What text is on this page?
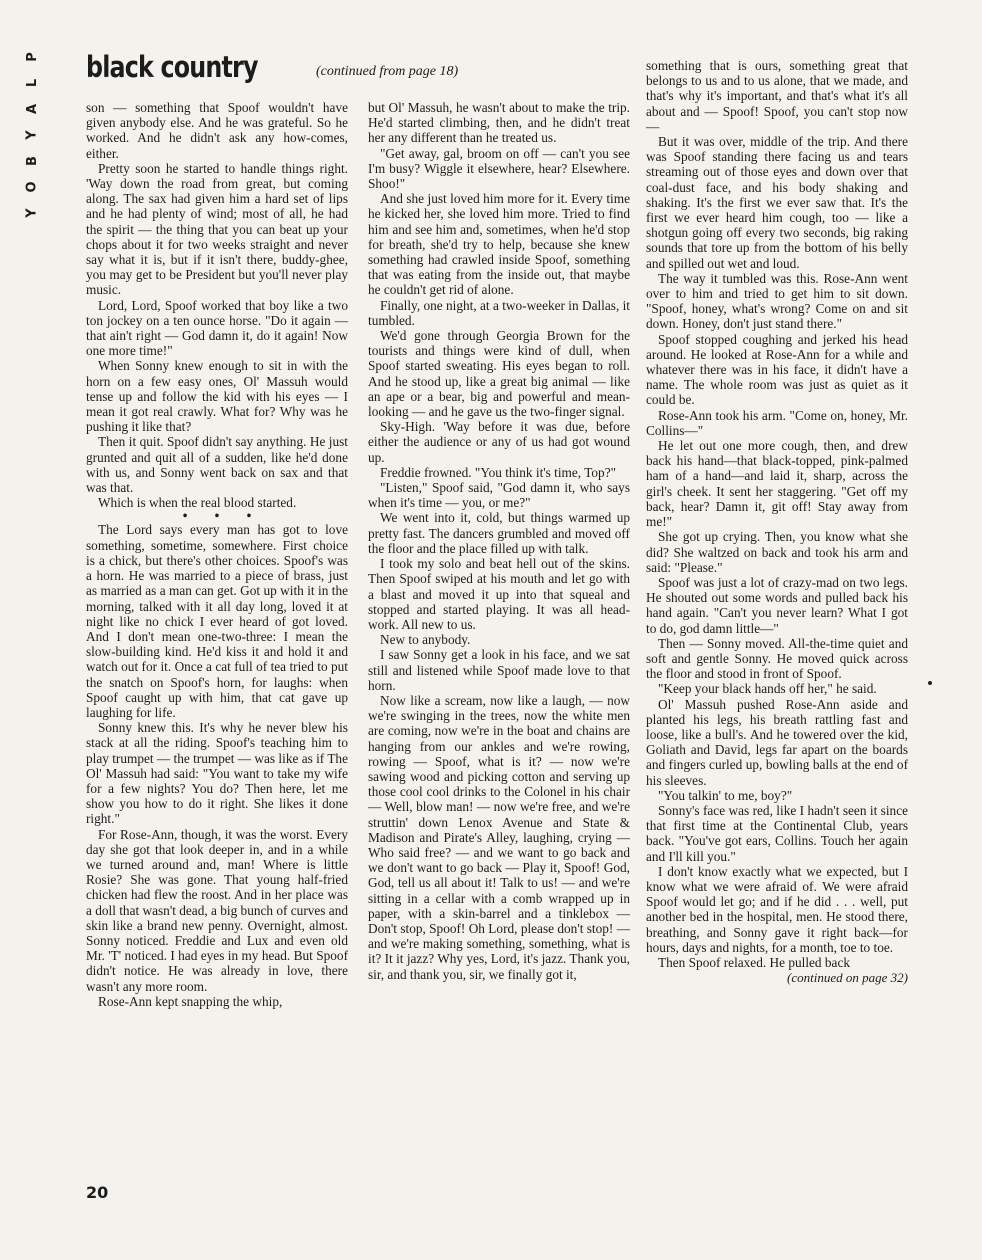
P
L
A
Y
B
O
Y
black country	(continued from page 18)

son — something that Spoof wouldn't have given anybody else. And he was grateful. So he worked. And he didn't ask any how-comes, either.

Pretty soon he started to handle things right. 'Way down the road from great, but coming along. The sax had given him a hard set of lips and he had plenty of wind; most of all, he had the spirit — the thing that you can beat up your chops about it for two weeks straight and never say what it is, but if it isn't there, buddy-ghee, you may get to be President but you'll never play music.

Lord, Lord, Spoof worked that boy like a two ton jockey on a ten ounce horse. "Do it again — that ain't right — God damn it, do it again! Now one more time!"

When Sonny knew enough to sit in with the horn on a few easy ones, Ol' Massuh would tense up and follow the kid with his eyes — I mean it got real crawly. What for? Why was he pushing it like that?

Then it quit. Spoof didn't say anything. He just grunted and quit all of a sudden, like he'd done with us, and Sonny went back on sax and that was that.

Which is when the real blood started.

• • •

The Lord says every man has got to love something, sometime, somewhere. First choice is a chick, but there's other choices. Spoof's was a horn. He was married to a piece of brass, just as married as a man can get. Got up with it in the morning, talked with it all day long, loved it at night like no chick I ever heard of got loved. And I don't mean one-two-three: I mean the slow-building kind. He'd kiss it and hold it and watch out for it. Once a cat full of tea tried to put the snatch on Spoof's horn, for laughs: when Spoof caught up with him, that cat gave up laughing for life.

Sonny knew this. It's why he never blew his stack at all the riding. Spoof's teaching him to play trumpet — the trumpet — was like as if The Ol' Massuh had said: "You want to take my wife for a few nights? You do? Then here, let me show you how to do it right. She likes it done right."

For Rose-Ann, though, it was the worst. Every day she got that look deeper in, and in a while we turned around and, man! Where is little Rosie? She was gone. That young half-fried chicken had flew the roost. And in her place was a doll that wasn't dead, a big bunch of curves and skin like a brand new penny. Overnight, almost. Sonny noticed. Freddie and Lux and even old Mr. 'T' noticed. I had eyes in my head. But Spoof didn't notice. He was already in love, there wasn't any more room.

Rose-Ann kept snapping the whip,

but Ol' Massuh, he wasn't about to make the trip. He'd started climbing, then, and he didn't treat her any different than he treated us.

"Get away, gal, broom on off — can't you see I'm busy? Wiggle it elsewhere, hear? Elsewhere. Shoo!"

And she just loved him more for it. Every time he kicked her, she loved him more. Tried to find him and see him and, sometimes, when he'd stop for breath, she'd try to help, because she knew something had crawled inside Spoof, something that was eating from the inside out, that maybe he couldn't get rid of alone.

Finally, one night, at a two-weeker in Dallas, it tumbled.

We'd gone through Georgia Brown for the tourists and things were kind of dull, when Spoof started sweating. His eyes began to roll. And he stood up, like a great big animal — like an ape or a bear, big and powerful and mean-looking — and he gave us the two-finger signal.

Sky-High. 'Way before it was due, before either the audience or any of us had got wound up.

Freddie frowned. "You think it's time, Top?"

"Listen," Spoof said, "God damn it, who says when it's time — you, or me?"

We went into it, cold, but things warmed up pretty fast. The dancers grumbled and moved off the floor and the place filled up with talk.

I took my solo and beat hell out of the skins. Then Spoof swiped at his mouth and let go with a blast and moved it up into that squeal and stopped and started playing. It was all head-work. All new to us.

New to anybody.

I saw Sonny get a look in his face, and we sat still and listened while Spoof made love to that horn.

Now like a scream, now like a laugh, — now we're swinging in the trees, now the white men are coming, now we're in the boat and chains are hanging from our ankles and we're rowing, rowing — Spoof, what is it? — now we're sawing wood and picking cotton and serving up those cool cool drinks to the Colonel in his chair — Well, blow man! — now we're free, and we're struttin' down Lenox Avenue and State & Madison and Pirate's Alley, laughing, crying — Who said free? — and we want to go back and we don't want to go back — Play it, Spoof! God, God, tell us all about it! Talk to us! — and we're sitting in a cellar with a comb wrapped up in paper, with a skin-barrel and a tinklebox — Don't stop, Spoof! Oh Lord, please don't stop! — and we're making something, something, what is it? It it jazz? Why yes, Lord, it's jazz. Thank you, sir, and thank you, sir, we finally got it,

something that is ours, something great that belongs to us and to us alone, that we made, and that's why it's important, and that's what it's all about and — Spoof! Spoof, you can't stop now —

But it was over, middle of the trip. And there was Spoof standing there facing us and tears streaming out of those eyes and down over that coal-dust face, and his body shaking and shaking. It's the first we ever saw that. It's the first we ever heard him cough, too — like a shotgun going off every two seconds, big raking sounds that tore up from the bottom of his belly and spilled out wet and loud.

The way it tumbled was this. Rose-Ann went over to him and tried to get him to sit down. "Spoof, honey, what's wrong? Come on and sit down. Honey, don't just stand there."

Spoof stopped coughing and jerked his head around. He looked at Rose-Ann for a while and whatever there was in his face, it didn't have a name. The whole room was just as quiet as it could be.

Rose-Ann took his arm. "Come on, honey, Mr. Collins—"

He let out one more cough, then, and drew back his hand—that black-topped, pink-palmed ham of a hand—and laid it, sharp, across the girl's cheek. It sent her staggering. "Get off my back, hear? Damn it, git off! Stay away from me!"

She got up crying. Then, you know what she did? She waltzed on back and took his arm and said: "Please."

Spoof was just a lot of crazy-mad on two legs. He shouted out some words and pulled back his hand again. "Can't you never learn? What I got to do, god damn little—"

Then — Sonny moved. All-the-time quiet and soft and gentle Sonny. He moved quick across the floor and stood in front of Spoof.

"Keep your black hands off her," he said.

Ol' Massuh pushed Rose-Ann aside and planted his legs, his breath rattling fast and loose, like a bull's. And he towered over the kid, Goliath and David, legs far apart on the boards and fingers curled up, bowling balls at the end of his sleeves.

"You talkin' to me, boy?"

Sonny's face was red, like I hadn't seen it since that first time at the Continental Club, years back. "You've got ears, Collins. Touch her again and I'll kill you."

I don't know exactly what we expected, but I know what we were afraid of. We were afraid Spoof would let go; and if he did . . . well, put another bed in the hospital, men. He stood there, breathing, and Sonny gave it right back—for hours, days and nights, for a month, toe to toe.

Then Spoof relaxed. He pulled back

(continued on page 32)
20
